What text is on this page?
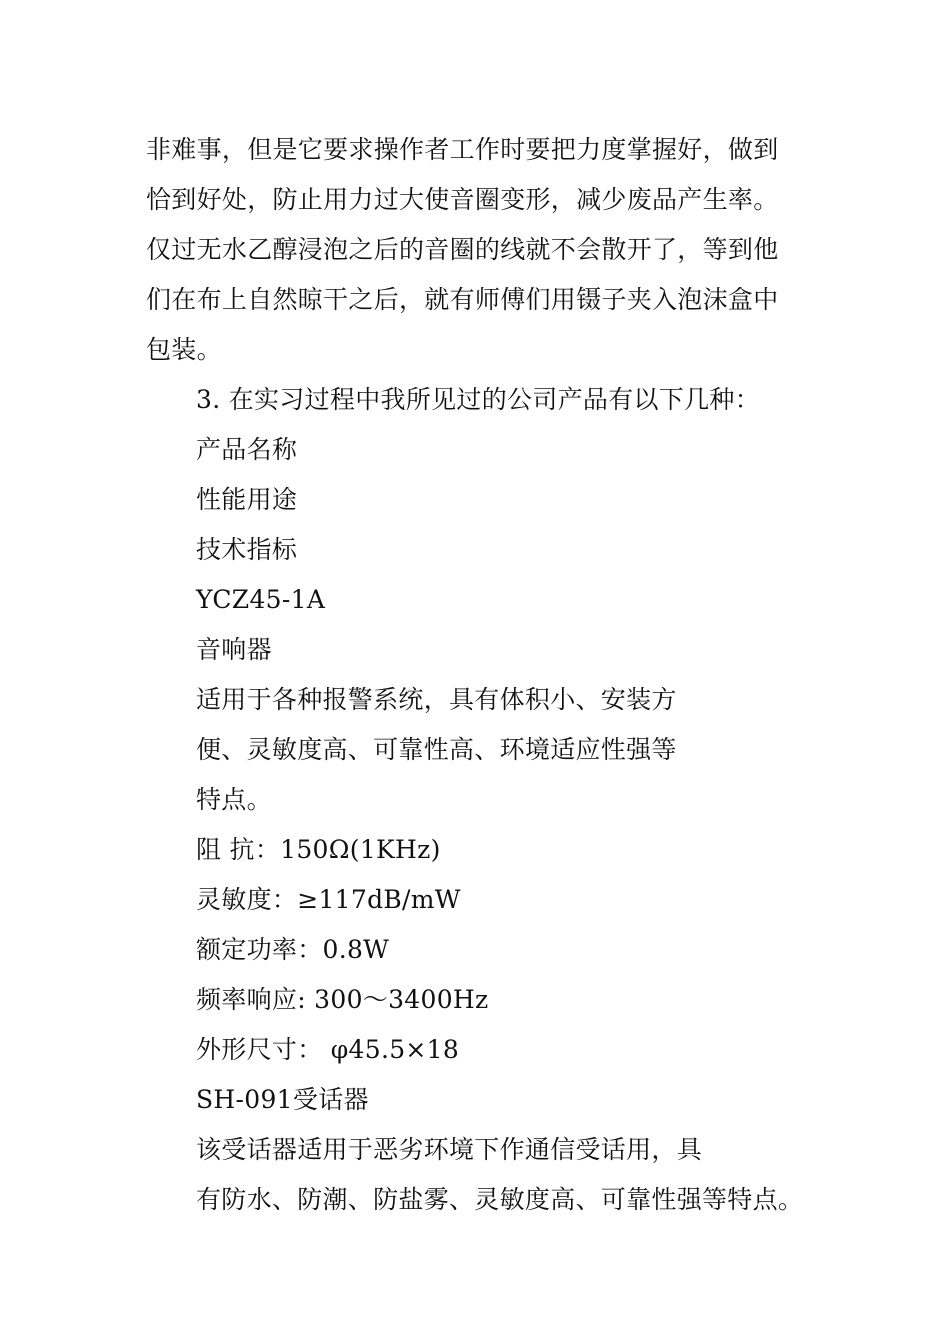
非难事，但是它要求操作者工作时要把力度掌握好，做到
恰到好处，防止用力过大使音圈变形，减少废品产生率。
仅过无水乙醇浸泡之后的音圈的线就不会散开了，等到他
们在布上自然晾干之后，就有师傅们用镊子夹入泡沫盒中
包装。
3. 在实习过程中我所见过的公司产品有以下几种：
产品名称
性能用途
技术指标
YCZ45-1A
音响器
适用于各种报警系统，具有体积小、安装方
便、灵敏度高、可靠性高、环境适应性强等
特点。
阻 抗：150Ω(1KHz)
灵敏度：≥117dB/mW
额定功率：0.8W
频率响应: 300～3400Hz
外形尺寸： φ45.5×18
SH-091受话器
该受话器适用于恶劣环境下作通信受话用，具
有防水、防潮、防盐雾、灵敏度高、可靠性强等特点。
